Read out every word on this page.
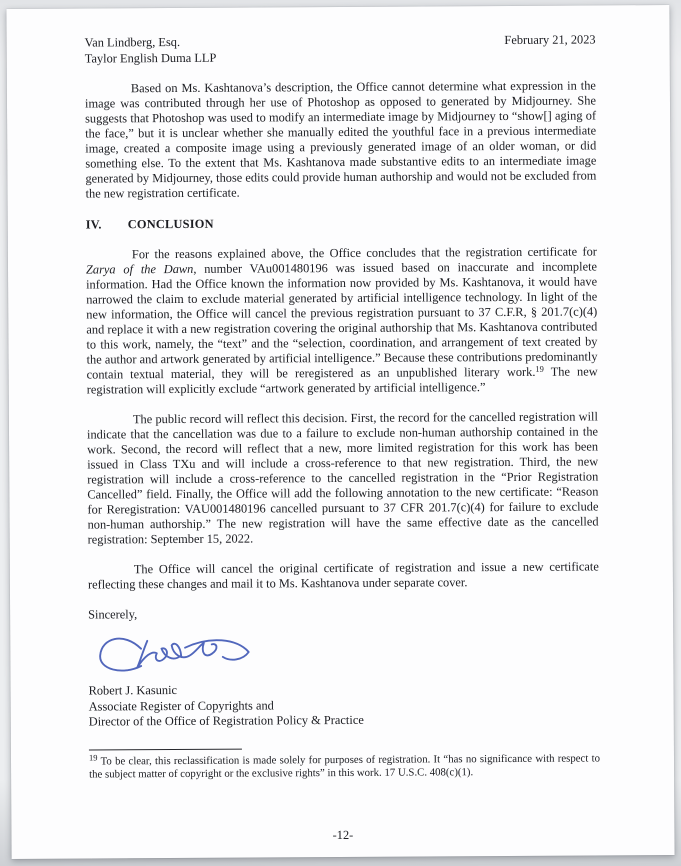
Van Lindberg, Esq.
Taylor English Duma LLP
February 21, 2023

Based on Ms. Kashtanova’s description, the Office cannot determine what expression in the image was contributed through her use of Photoshop as opposed to generated by Midjourney. She suggests that Photoshop was used to modify an intermediate image by Midjourney to “show[] aging of the face,” but it is unclear whether she manually edited the youthful face in a previous intermediate image, created a composite image using a previously generated image of an older woman, or did something else. To the extent that Ms. Kashtanova made substantive edits to an intermediate image generated by Midjourney, those edits could provide human authorship and would not be excluded from the new registration certificate.

IV. CONCLUSION

For the reasons explained above, the Office concludes that the registration certificate for Zarya of the Dawn, number VAu001480196 was issued based on inaccurate and incomplete information. Had the Office known the information now provided by Ms. Kashtanova, it would have narrowed the claim to exclude material generated by artificial intelligence technology. In light of the new information, the Office will cancel the previous registration pursuant to 37 C.F.R, § 201.7(c)(4) and replace it with a new registration covering the original authorship that Ms. Kashtanova contributed to this work, namely, the “text” and the “selection, coordination, and arrangement of text created by the author and artwork generated by artificial intelligence.” Because these contributions predominantly contain textual material, they will be reregistered as an unpublished literary work.$^{19}$ The new registration will explicitly exclude “artwork generated by artificial intelligence.”

The public record will reflect this decision. First, the record for the cancelled registration will indicate that the cancellation was due to a failure to exclude non-human authorship contained in the work. Second, the record will reflect that a new, more limited registration for this work has been issued in Class TXu and will include a cross-reference to that new registration. Third, the new registration will include a cross-reference to the cancelled registration in the “Prior Registration Cancelled” field. Finally, the Office will add the following annotation to the new certificate: “Reason for Reregistration: VAU001480196 cancelled pursuant to 37 CFR 201.7(c)(4) for failure to exclude non-human authorship.” The new registration will have the same effective date as the cancelled registration: September 15, 2022.

The Office will cancel the original certificate of registration and issue a new certificate reflecting these changes and mail it to Ms. Kashtanova under separate cover.

Sincerely,
Robert J. Kasunic
Associate Register of Copyrights and
Director of the Office of Registration Policy & Practice

$^{19}$ To be clear, this reclassification is made solely for purposes of registration. It “has no significance with respect to the subject matter of copyright or the exclusive rights” in this work. 17 U.S.C. 408(c)(1).

-12-
